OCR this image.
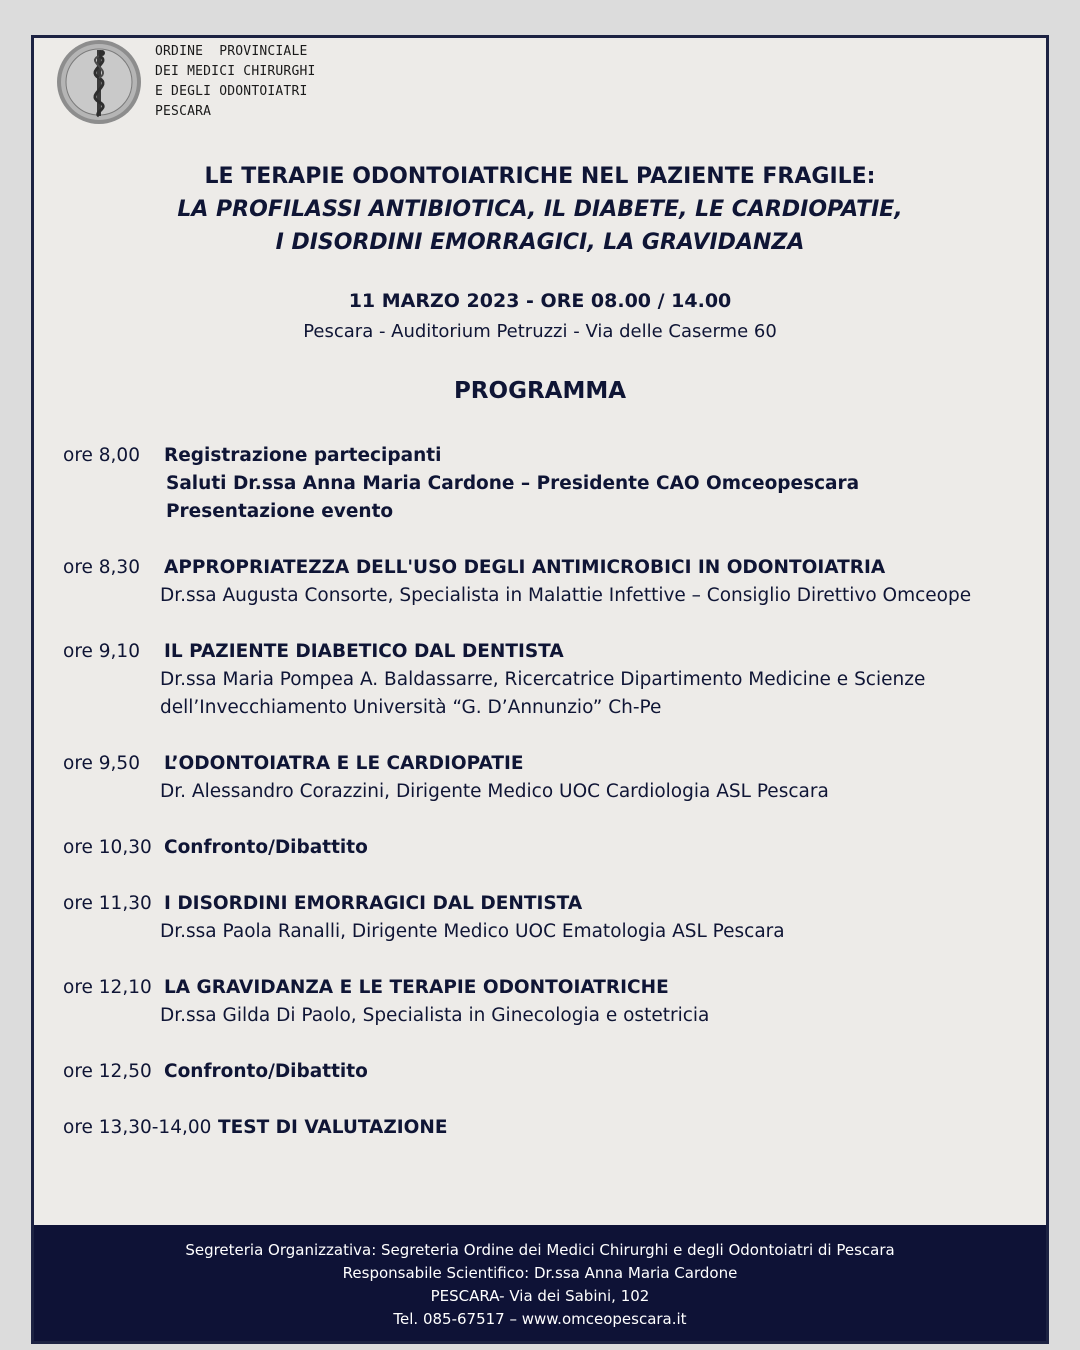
ORDINE  PROVINCIALE
DEI MEDICI CHIRURGHI
E DEGLI ODONTOIATRI
PESCARA
LE TERAPIE ODONTOIATRICHE NEL PAZIENTE FRAGILE:
LA PROFILASSI ANTIBIOTICA, IL DIABETE, LE CARDIOPATIE,
I DISORDINI EMORRAGICI, LA GRAVIDANZA
11 MARZO 2023 - ORE 08.00 / 14.00
Pescara - Auditorium Petruzzi - Via delle Caserme 60
PROGRAMMA
ore 8,00 Registrazione partecipanti
Saluti Dr.ssa Anna Maria Cardone – Presidente CAO Omceopescara
Presentazione evento
ore 8,30 APPROPRIATEZZA DELL'USO DEGLI ANTIMICROBICI IN ODONTOIATRIA
Dr.ssa Augusta Consorte, Specialista in Malattie Infettive – Consiglio Direttivo Omceope
ore 9,10 IL PAZIENTE DIABETICO DAL DENTISTA
Dr.ssa Maria Pompea A. Baldassarre, Ricercatrice Dipartimento Medicine e Scienze
dell’Invecchiamento Università “G. D’Annunzio” Ch-Pe
ore 9,50 L’ODONTOIATRA E LE CARDIOPATIE
Dr. Alessandro Corazzini, Dirigente Medico UOC Cardiologia ASL Pescara
ore 10,30 Confronto/Dibattito
ore 11,30 I DISORDINI EMORRAGICI DAL DENTISTA
Dr.ssa Paola Ranalli, Dirigente Medico UOC Ematologia ASL Pescara
ore 12,10 LA GRAVIDANZA E LE TERAPIE ODONTOIATRICHE
Dr.ssa Gilda Di Paolo, Specialista in Ginecologia e ostetricia
ore 12,50 Confronto/Dibattito
ore 13,30-14,00 TEST DI VALUTAZIONE
Segreteria Organizzativa: Segreteria Ordine dei Medici Chirurghi e degli Odontoiatri di Pescara
Responsabile Scientifico: Dr.ssa Anna Maria Cardone
PESCARA- Via dei Sabini, 102
Tel. 085-67517 – www.omceopescara.it
